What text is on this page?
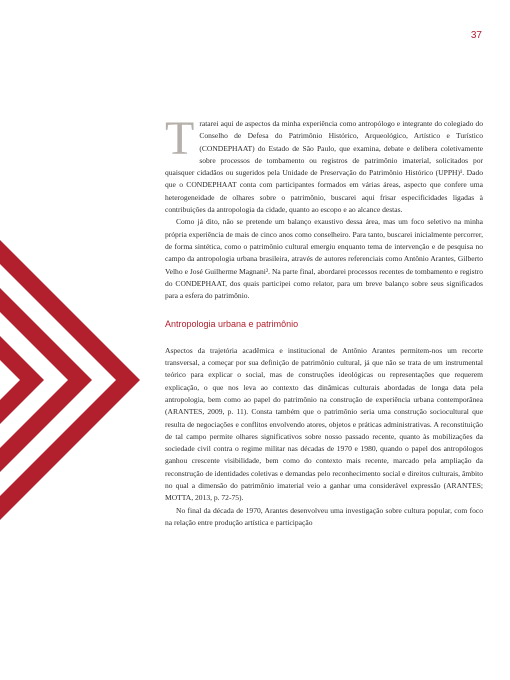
37

Tratarei aqui de aspectos da minha experiência como antropólogo e integrante do colegiado do Conselho de Defesa do Patrimônio Histórico, Arqueológico, Artístico e Turístico (CONDEPHAAT) do Estado de São Paulo, que examina, debate e delibera coletivamente sobre processos de tombamento ou registros de patrimônio imaterial, solicitados por quaisquer cidadãos ou sugeridos pela Unidade de Preservação do Patrimônio Histórico (UPPH)¹. Dado que o CONDEPHAAT conta com participantes formados em várias áreas, aspecto que confere uma heterogeneidade de olhares sobre o patrimônio, buscarei aqui frisar especificidades ligadas à contribuições da antropologia da cidade, quanto ao escopo e ao alcance destas.

Como já dito, não se pretende um balanço exaustivo dessa área, mas um foco seletivo na minha própria experiência de mais de cinco anos como conselheiro. Para tanto, buscarei inicialmente percorrer, de forma sintética, como o patrimônio cultural emergiu enquanto tema de intervenção e de pesquisa no campo da antropologia urbana brasileira, através de autores referenciais como Antônio Arantes, Gilberto Velho e José Guilherme Magnani². Na parte final, abordarei processos recentes de tombamento e registro do CONDEPHAAT, dos quais participei como relator, para um breve balanço sobre seus significados para a esfera do patrimônio.

Antropologia urbana e patrimônio

Aspectos da trajetória acadêmica e institucional de Antônio Arantes permitem-nos um recorte transversal, a começar por sua definição de patrimônio cultural, já que não se trata de um instrumental teórico para explicar o social, mas de construções ideológicas ou representações que requerem explicação, o que nos leva ao contexto das dinâmicas culturais abordadas de longa data pela antropologia, bem como ao papel do patrimônio na construção de experiência urbana contemporânea (ARANTES, 2009, p. 11). Consta também que o patrimônio seria uma construção sociocultural que resulta de negociações e conflitos envolvendo atores, objetos e práticas administrativas. A reconstituição de tal campo permite olhares significativos sobre nosso passado recente, quanto às mobilizações da sociedade civil contra o regime militar nas décadas de 1970 e 1980, quando o papel dos antropólogos ganhou crescente visibilidade, bem como do contexto mais recente, marcado pela ampliação da reconstrução de identidades coletivas e demandas pelo reconhecimento social e direitos culturais, âmbito no qual a dimensão do patrimônio imaterial veio a ganhar uma considerável expressão (ARANTES; MOTTA, 2013, p. 72-75).

No final da década de 1970, Arantes desenvolveu uma investigação sobre cultura popular, com foco na relação entre produção artística e participação
